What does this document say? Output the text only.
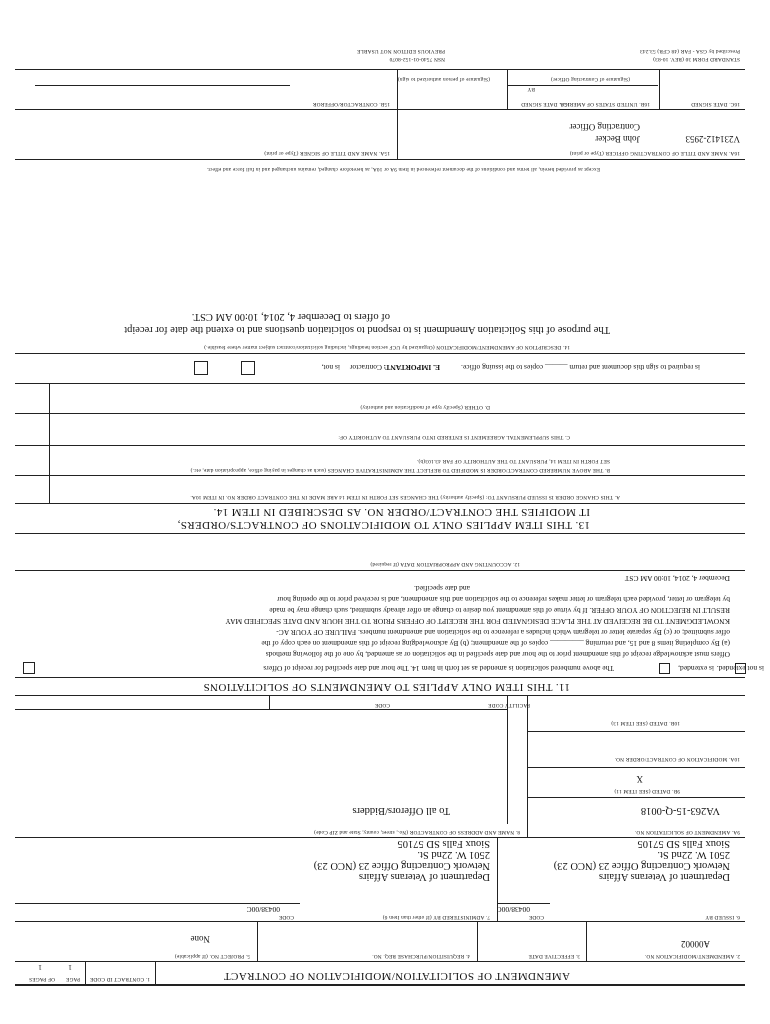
AMENDMENT OF SOLICITATION/MODIFICATION OF CONTRACT
1. CONTRACT ID CODE
PAGE
OF PAGES
1
1
2. AMENDMENT/MODIFICATION NO.
A00002
3. EFFECTIVE DATE
4. REQUISITION/PURCHASE REQ. NO.
5. PROJECT NO. (If applicable)
None
6. ISSUED BY
CODE
00438/00C
7. ADMINISTERED BY (If other than Item 6)
CODE
00438/00C
Department of Veterans Affairs
Network Contracting Office 23 (NCO 23)
2501 W. 22nd St.
Sioux Falls SD 57105
Department of Veterans Affairs
Network Contracting Office 23 (NCO 23)
2501 W. 22nd St.
Sioux Falls SD 57105
9A. AMENDMENT OF SOLICITATION NO.
VA263-15-Q-0018
8. NAME AND ADDRESS OF CONTRACTOR (No., street, county, State and ZIP Code)
To all Offerors/Bidders
9B. DATED (SEE ITEM 11)
X
10A. MODIFICATION OF CONTRACT/ORDER NO.
10B. DATED (SEE ITEM 13)
CODE	FACILITY CODE
11. THIS ITEM ONLY APPLIES TO AMENDMENTS OF SOLICITATIONS
is extended, is not extended.
The above numbered solicitation is amended as set forth in Item 14. The hour and date specified for receipt of Offers
Offers must acknowledge receipt of this amendment prior to the hour and date specified in the solicitation or as amended, by one of the following methods
(a) By completing items 8 and 15, and returning _________ copies of the amendment; (b) By acknowledging receipt of this amendment on each copy of the
offer submitted; or (c) By separate letter or telegram which includes a reference to the solicitation and amendment numbers. FAILURE OF YOUR AC-
KNOWLEDGMENT TO BE RECEIVED AT THE PLACE DESIGNATED FOR THE RECEIPT OF OFFERS PRIOR TO THE HOUR AND DATE SPECIFIED MAY
RESULT IN REJECTION OF YOUR OFFER. If by virtue of this amendment you desire to change an offer already submitted, such change may be made
by telegram or letter, provided each telegram or letter makes reference to the solicitation and this amendment, and is received prior to the opening hour
and date specified.
December 4, 2014, 10:00 AM CST
12. ACCOUNTING AND APPROPRIATION DATA (If required)
13. THIS ITEM APPLIES ONLY TO MODIFICATIONS OF CONTRACTS/ORDERS,
IT MODIFIES THE CONTRACT/ORDER NO. AS DESCRIBED IN ITEM 14.
A. THIS CHANGE ORDER IS ISSUED PURSUANT TO: (Specify authority) THE CHANGES SET FORTH IN ITEM 14 ARE MADE IN THE CONTRACT ORDER NO. IN ITEM 10A.
B. THE ABOVE NUMBERED CONTRACT/ORDER IS MODIFIED TO REFLECT THE ADMINISTRATIVE CHANGES (such as changes in paying office, appropriation date, etc.)
SET FORTH IN ITEM 14, PURSUANT TO THE AUTHORITY OF FAR 43.103(b).
C. THIS SUPPLEMENTAL AGREEMENT IS ENTERED INTO PURSUANT TO AUTHORITY OF:
D. OTHER (Specify type of modification and authority)
E. IMPORTANT:
Contractor
is not,	is required to sign this document and return ______ copies to the issuing office.
14. DESCRIPTION OF AMENDMENT/MODIFICATION (Organized by UCF section headings, including solicitation/contract subject matter where feasible.)
The purpose of this Solicitation Amendment is to respond to solicitation questions and to extend the date for receipt
of offers to December 4, 2014, 10:00 AM CST.
Except as provided herein, all terms and conditions of the document referenced in Item 9A or 10A, as heretofore changed, remains unchanged and in full force and effect.
16A. NAME AND TITLE OF CONTRACTING OFFICER (Type or print)
15A. NAME AND TITLE OF SIGNER (Type or print)
V231412-2953
John Becker
Contracting Officer
16C. DATE SIGNED
16B. UNITED STATES OF AMERICA
15C. DATE SIGNED
15B. CONTRACTOR/OFFEROR
BY
(Signature of Contracting Officer)
(Signature of person authorized to sign)
NSN 7540-01-152-8070
PREVIOUS EDITION NOT USABLE
STANDARD FORM 30 (REV. 10-83)
Prescribed by GSA - FAR (48 CFR) 53.243
